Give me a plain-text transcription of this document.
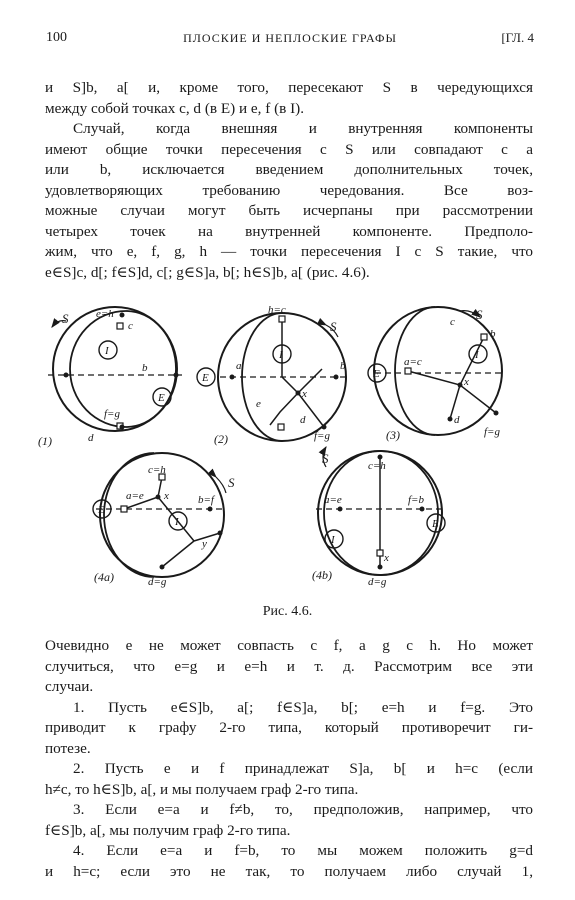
100	ПЛОСКИЕ И НЕПЛОСКИЕ ГРАФЫ	[ГЛ. 4

и S]b, a[ и, кроме того, пересекают S в чередующихся

между собой точках c, d (в E) и e, f (в I).

Случай, когда внешняя и внутренняя компоненты

имеют общие точки пересечения с S или совпадают с a

или b, исключается введением дополнительных точек,

удовлетворяющих требованию чередования. Все воз-

можные случаи могут быть исчерпаны при рассмотрении

четырех точек на внутренней компоненте. Предполо-

жим, что e, f, g, h — точки пересечения I с S такие, что

e∈S]c, d[; f∈S]d, c[; g∈S]a, b[; h∈S]b, a[ (рис. 4.6).

S	e=h
c
I
b
E
f=g
d
(1)
h=c
S
I
E
a	b
x
e
d
f=g
(2)
S
c
b
E
a=c
I
x
d
f=g
(3)
c=h
S
a=e x	b=f
E
I
y
d=g
(4a)
S	c=h
a=e	f=b
E
I
x
d=g
(4b)
Рис. 4.6.

Очевидно e не может совпасть с f, a g с h. Но может

случиться, что e=g и e=h и т. д. Рассмотрим все эти

случаи.

1. Пусть e∈S]b, a[; f∈S]a, b[; e=h и f=g. Это

приводит к графу 2-го типа, который противоречит ги-

потезе.

2. Пусть e и f принадлежат S]a, b[ и h=c (если

h≠c, то h∈S]b, a[, и мы получаем граф 2-го типа.

3. Если e=a и f≠b, то, предположив, например, что

f∈S]b, a[, мы получим граф 2-го типа.

4. Если e=a и f=b, то мы можем положить g=d

и h=c; если это не так, то получаем либо случай 1,
